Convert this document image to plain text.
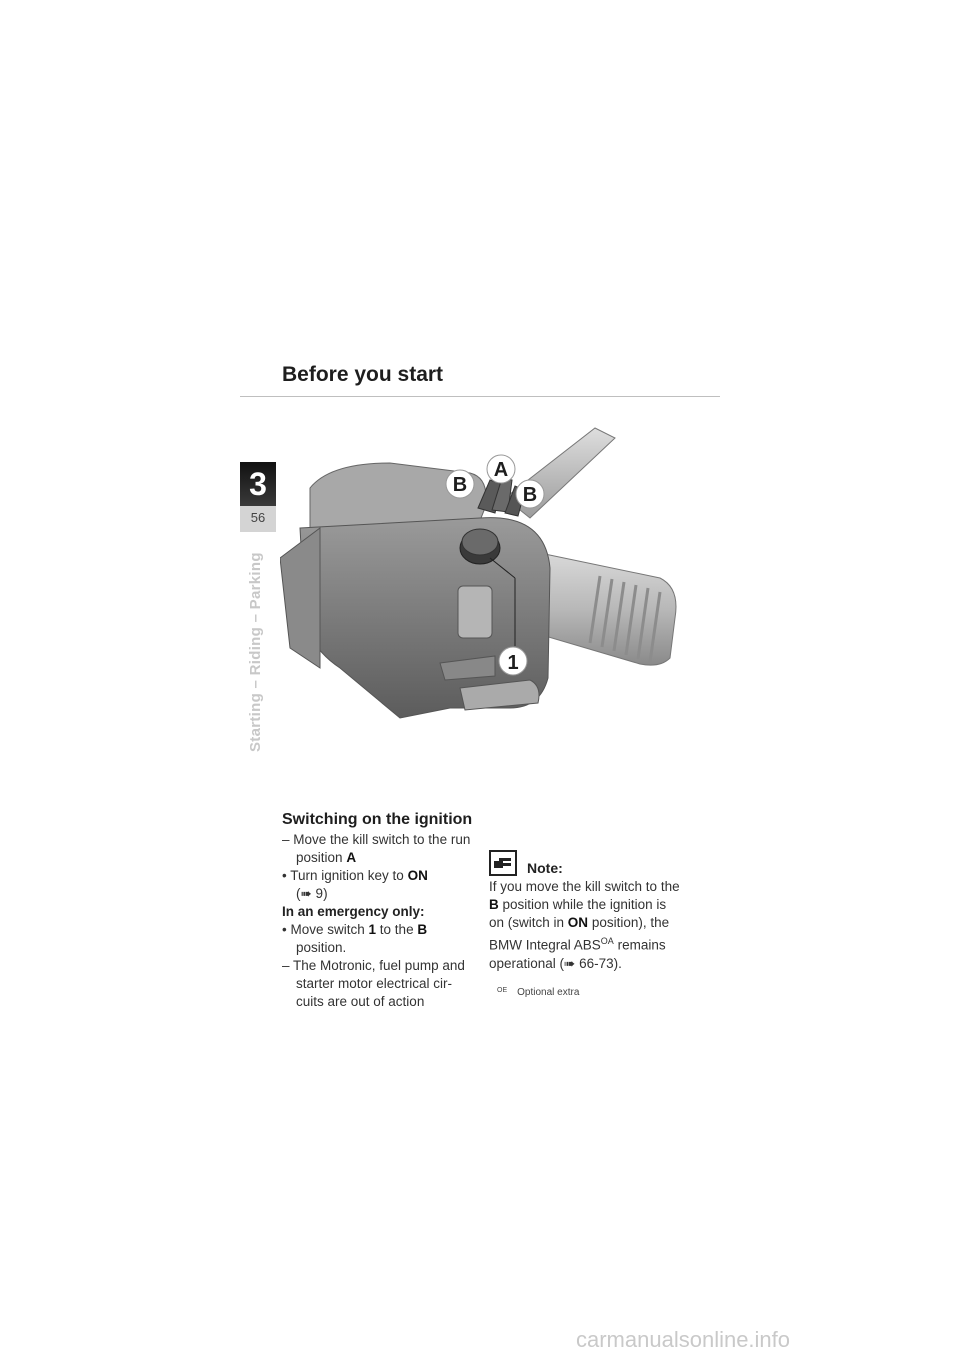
Before you start
3
56
Starting – Riding – Parking
B
A
B
1
Switching on the ignition
– Move the kill switch to the run
position A
• Turn ignition key to ON
(➠ 9)
In an emergency only:
• Move switch 1 to the B
position.
– The Motronic, fuel pump and
starter motor electrical cir-
cuits are out of action
Note:
If you move the kill switch to the
B position while the ignition is
on (switch in ON position), the
BMW Integral $ABS^{OA}$ remains
operational (➠ 66-73).
$^{OE}$ Optional extra
carmanualsonline.info
